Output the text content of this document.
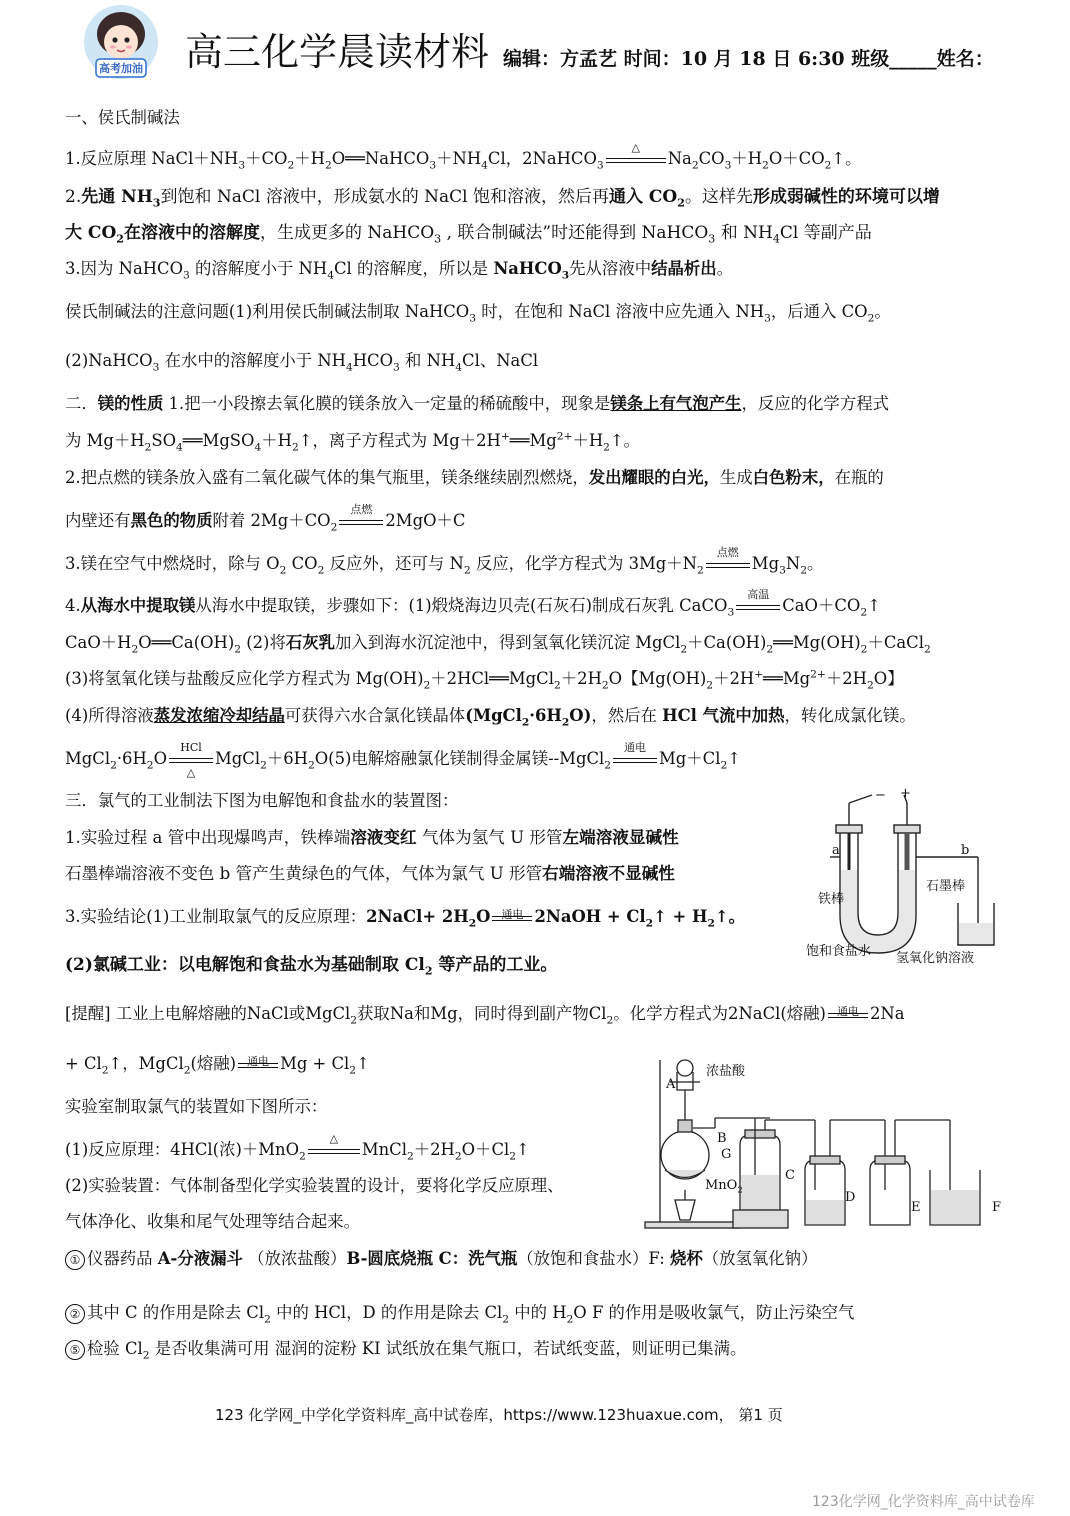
高考加油 高三化学晨读材料 编辑：方孟艺 时间：10 月 18 日 6:30 班级_____姓名：
一、侯氏制碱法
1.反应原理 $NaCl+NH_3+CO_2+H_2O══NaHCO_3+NH_4Cl$，2NaHCO$_3$
△
$Na_2CO_3+H_2O+CO_2↑$。
2.先通 $NH_3$到饱和 NaCl 溶液中，形成氨水的 NaCl 饱和溶液，然后再通入 $CO_2$。这样先形成弱碱性的环境可以增
大 $CO_2$在溶液中的溶解度，生成更多的 NaHCO$_3$ , 联合制碱法”时还能得到 NaHCO$_3$ 和 $NH_4Cl$ 等副产品
3.因为 NaHCO$_3$ 的溶解度小于 $NH_4Cl$ 的溶解度，所以是 NaHCO$_3$先从溶液中结晶析出。
侯氏制碱法的注意问题(1)利用侯氏制碱法制取 NaHCO$_3$ 时，在饱和 NaCl 溶液中应先通入 $NH_3$，后通入 $CO_2$。
(2)NaHCO$_3$ 在水中的溶解度小于 $NH_4HCO_3$ 和 $NH_4Cl$、NaCl
二．镁的性质 1.把一小段擦去氧化膜的镁条放入一定量的稀硫酸中，现象是镁条上有气泡产生，反应的化学方程式
为 $Mg+H_2SO_4══MgSO_4+H_2↑$，离子方程式为 $Mg+2H^+══Mg^{2+}+H_2↑$。
2.把点燃的镁条放入盛有二氧化碳气体的集气瓶里，镁条继续剧烈燃烧，发出耀眼的白光，生成白色粉末，在瓶的
内壁还有黑色的物质附着 $2Mg+CO_2$
点燃
2MgO＋C
3.镁在空气中燃烧时，除与 $O_2$ $CO_2$ 反应外，还可与 $N_2$ 反应，化学方程式为 $3Mg+N_2$
点燃
$Mg_3N_2$。
4.从海水中提取镁从海水中提取镁，步骤如下：(1)煅烧海边贝壳(石灰石)制成石灰乳 CaCO$_3$
高温
$CaO+CO_2↑$
$CaO+H_2O══Ca(OH)_2$ (2)将石灰乳加入到海水沉淀池中，得到氢氧化镁沉淀 $MgCl_2+Ca(OH)_2══Mg(OH)_2+CaCl_2$
(3)将氢氧化镁与盐酸反应化学方程式为 $Mg(OH)_2+2HCl══MgCl_2+2H_2O$【$Mg(OH)_2+2H^+══Mg^{2+}+2H_2O$】
(4)所得溶液蒸发浓缩冷却结晶可获得六水合氯化镁晶体$(MgCl_2\cdot 6H_2O)$，然后在 HCl 气流中加热，转化成氯化镁。
$MgCl_2\cdot 6H_2O$
HCl
△
$MgCl_2+6H_2O(5)$电解熔融氯化镁制得金属镁--MgCl$_2$
通电
$Mg+Cl_2↑$
三．氯气的工业制法下图为电解饱和食盐水的装置图：
1.实验过程 a 管中出现爆鸣声，铁棒端溶液变红 气体为氢气 U 形管左端溶液显碱性
石墨棒端溶液不变色 b 管产生黄绿色的气体，气体为氯气 U 形管右端溶液不显碱性
3.实验结论(1)工业制取氯气的反应原理：2NaCl+ $2H_2O$	通电 2NaOH + $Cl_2↑$ + $H_2↑$。
(2)氯碱工业：以电解饱和食盐水为基础制取 $Cl_2$ 等产品的工业。
[提醒] 工业上电解熔融的NaCl或MgCl$_2$获取Na和Mg，同时得到副产物$Cl_2$。化学方程式为2NaCl(熔融)	通电 2Na
+ $Cl_2↑$，MgCl$_2$(熔融)	通电 $Mg + Cl_2↑$
实验室制取氯气的装置如下图所示：
(1)反应原理：4HCl(浓)＋MnO$_2$
△
$MnCl_2+2H_2O+Cl_2↑$
(2)实验装置：气体制备型化学实验装置的设计，要将化学反应原理、
气体净化、收集和尾气处理等结合起来。
① 仪器药品 A-分液漏斗 （放浓盐酸）B-圆底烧瓶 C：洗气瓶（放饱和食盐水）F: 烧杯（放氢氧化钠）
② 其中 C 的作用是除去 $Cl_2$ 中的 HCl，D 的作用是除去 $Cl_2$ 中的 $H_2O$ F 的作用是吸收氯气，防止污染空气
⑤ 检验 $Cl_2$ 是否收集满可用 湿润的淀粉 KI 试纸放在集气瓶口，若试纸变蓝，则证明已集满。
− +
a	b
铁棒
石墨棒
饱和食盐水 氢氧化钠溶液
浓盐酸
A
B
G
C
MnO$_2$
D
E	F
123 化学网_中学化学资料库_高中试卷库，https://www.123huaxue.com， 第1 页
123化学网_化学资料库_高中试卷库
